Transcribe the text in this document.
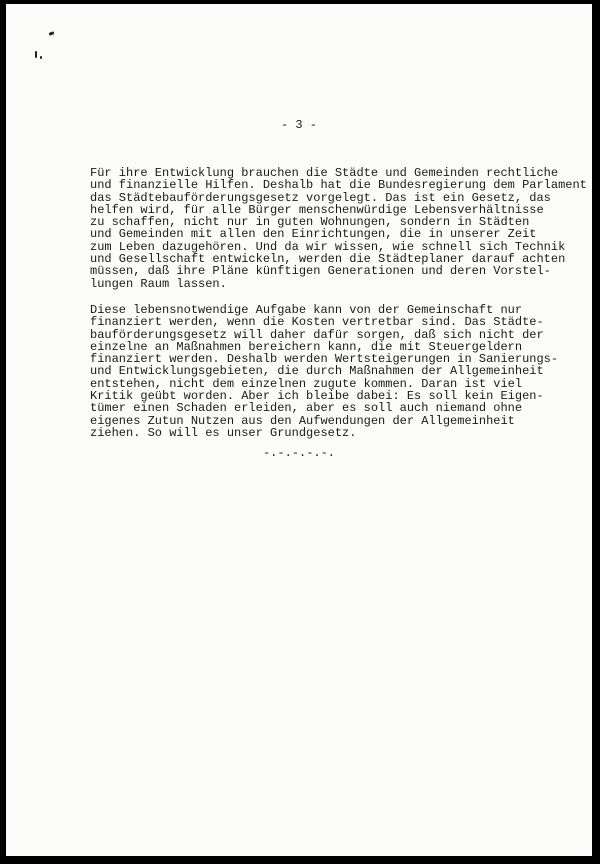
- 3 -

Für ihre Entwicklung brauchen die Städte und Gemeinden rechtliche
und finanzielle Hilfen. Deshalb hat die Bundesregierung dem Parlament
das Städtebauförderungsgesetz vorgelegt. Das ist ein Gesetz, das
helfen wird, für alle Bürger menschenwürdige Lebensverhältnisse
zu schaffen, nicht nur in guten Wohnungen, sondern in Städten
und Gemeinden mit allen den Einrichtungen, die in unserer Zeit
zum Leben dazugehören. Und da wir wissen, wie schnell sich Technik
und Gesellschaft entwickeln, werden die Städteplaner darauf achten
müssen, daß ihre Pläne künftigen Generationen und deren Vorstel-
lungen Raum lassen.

Diese lebensnotwendige Aufgabe kann von der Gemeinschaft nur
finanziert werden, wenn die Kosten vertretbar sind. Das Städte-
bauförderungsgesetz will daher dafür sorgen, daß sich nicht der
einzelne an Maßnahmen bereichern kann, die mit Steuergeldern
finanziert werden. Deshalb werden Wertsteigerungen in Sanierungs-
und Entwicklungsgebieten, die durch Maßnahmen der Allgemeinheit
entstehen, nicht dem einzelnen zugute kommen. Daran ist viel
Kritik geübt worden. Aber ich bleibe dabei: Es soll kein Eigen-
tümer einen Schaden erleiden, aber es soll auch niemand ohne
eigenes Zutun Nutzen aus den Aufwendungen der Allgemeinheit
ziehen. So will es unser Grundgesetz.

-.-.-.-.-.
